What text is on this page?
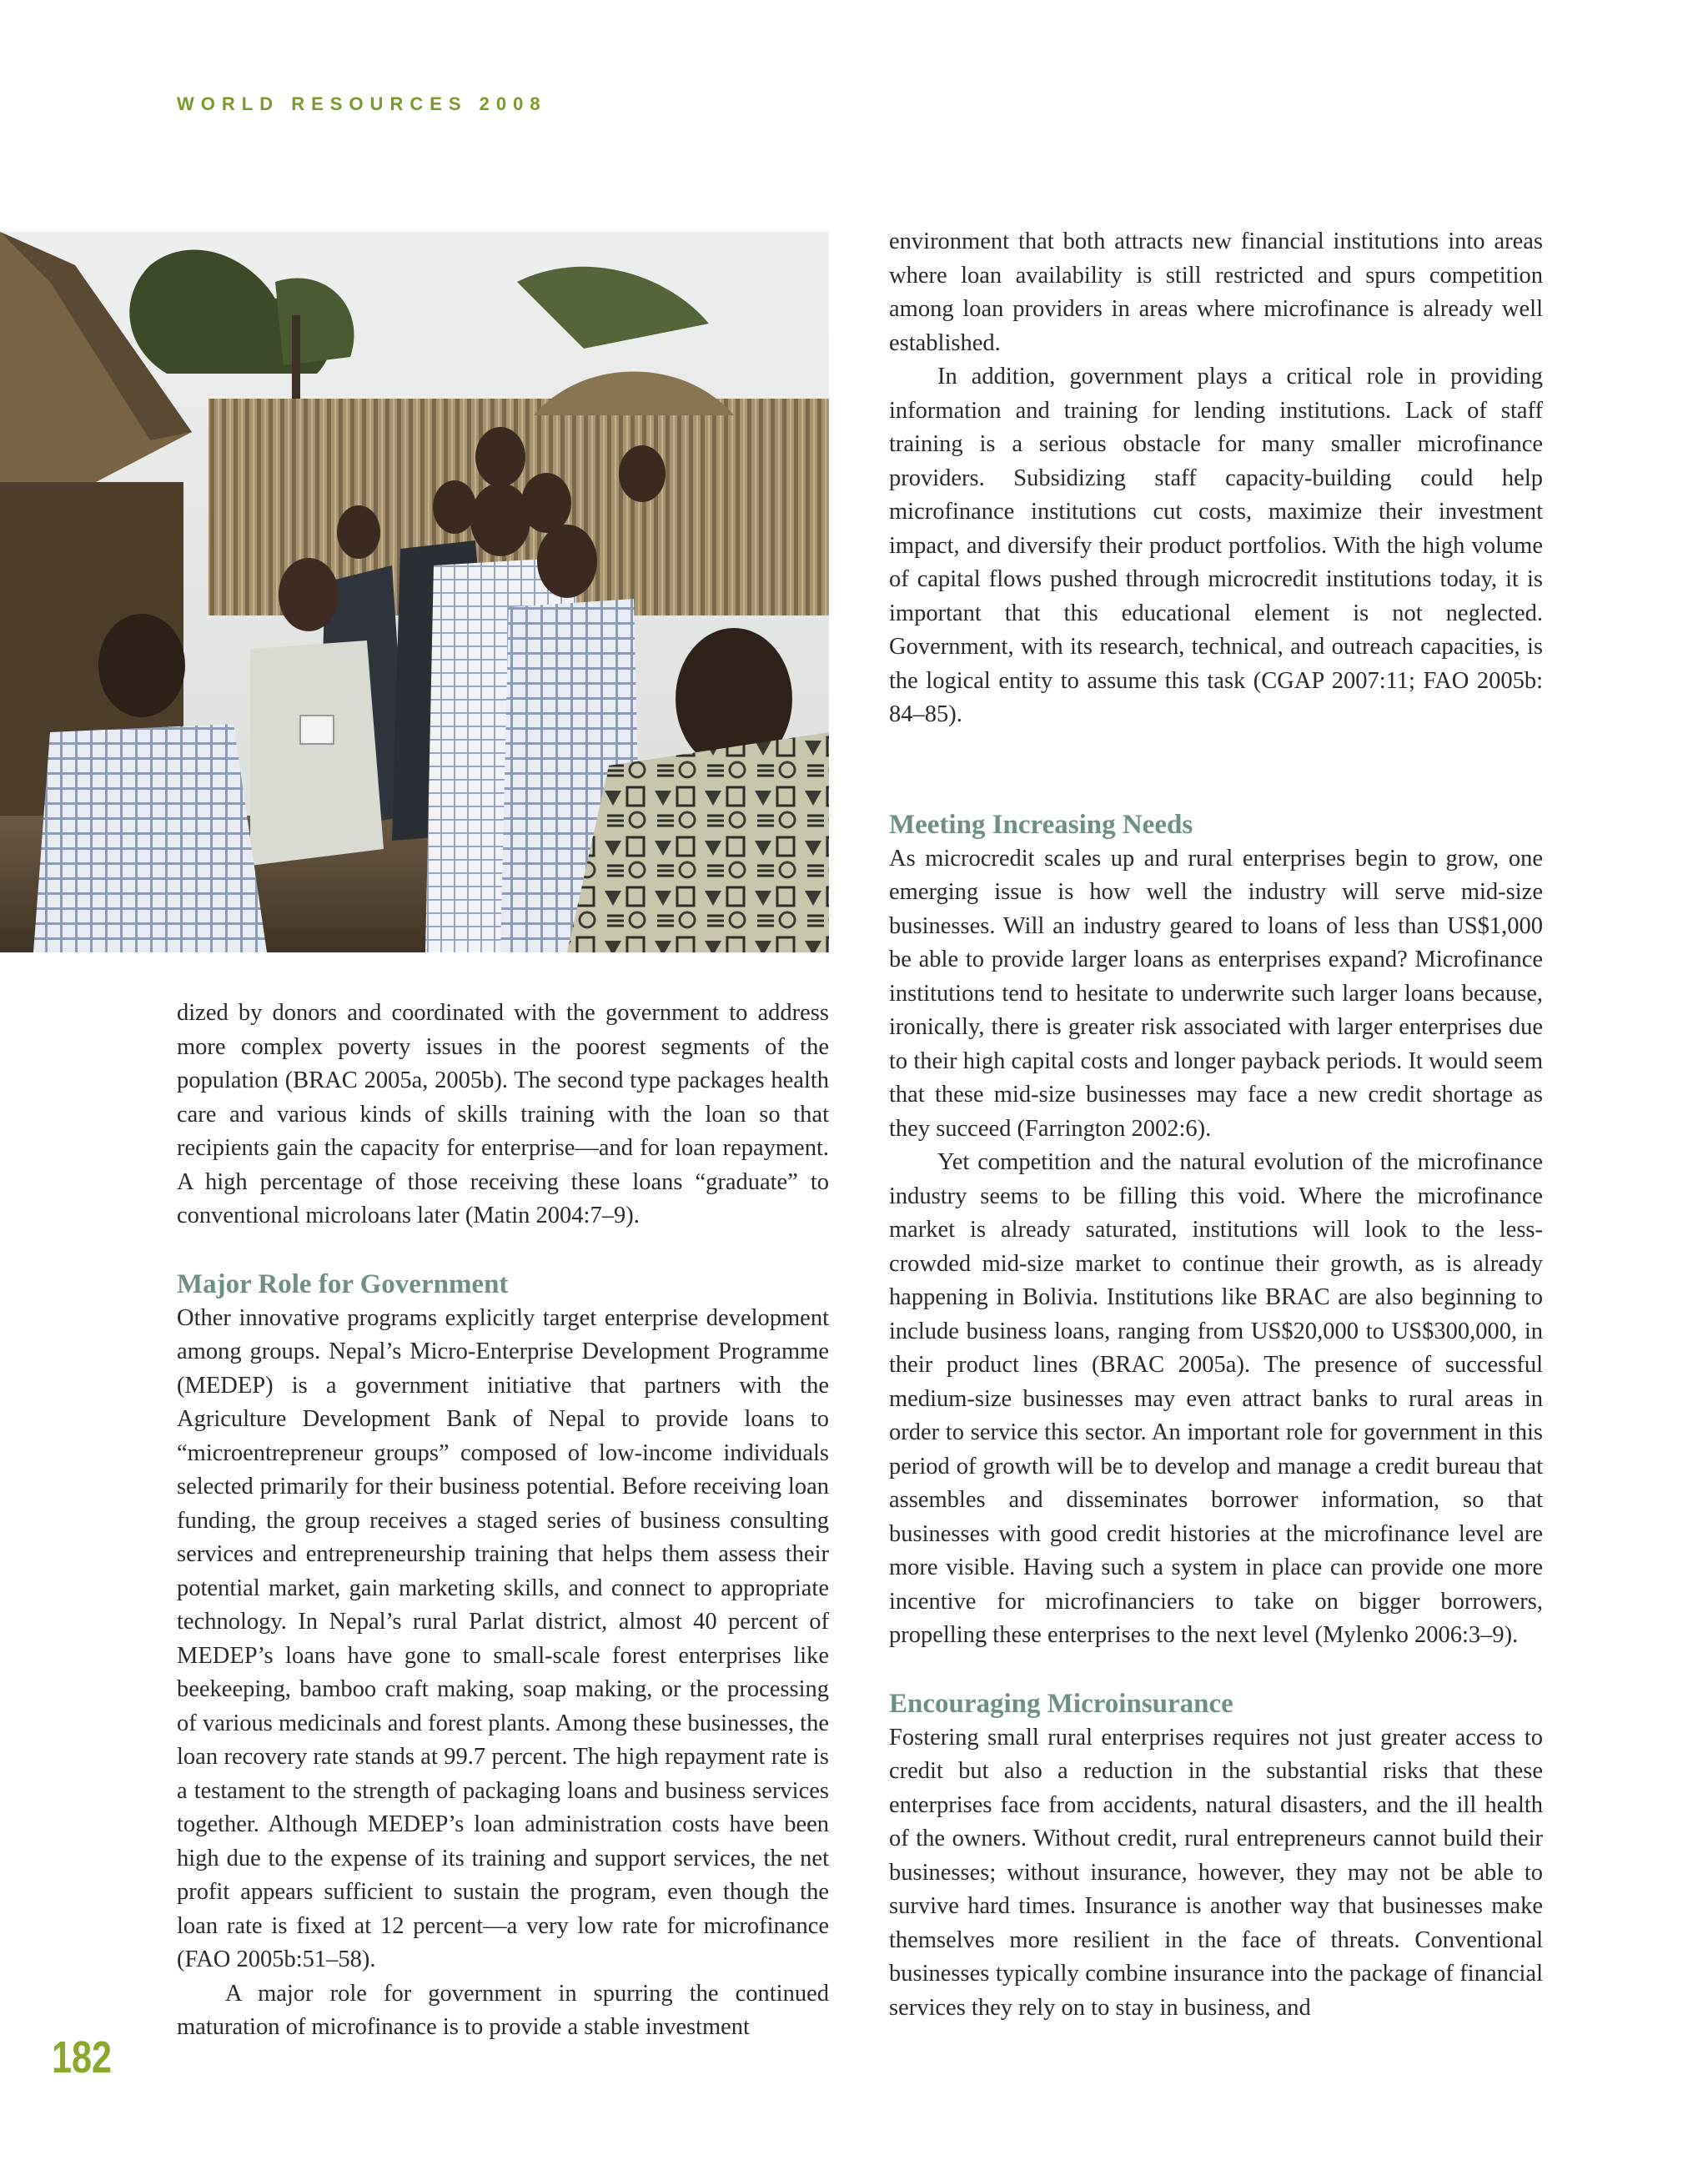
WORLD RESOURCES 2008

dized by donors and coordinated with the government to address more complex poverty issues in the poorest segments of the population (BRAC 2005a, 2005b). The second type packages health care and various kinds of skills training with the loan so that recipients gain the capacity for enterprise—and for loan repayment. A high percentage of those receiving these loans “graduate” to conventional microloans later (Matin 2004:7–9).

Major Role for Government

Other innovative programs explicitly target enterprise development among groups. Nepal’s Micro-Enterprise Development Programme (MEDEP) is a government initiative that partners with the Agriculture Development Bank of Nepal to provide loans to “microentrepreneur groups” composed of low-income individuals selected primarily for their business potential. Before receiving loan funding, the group receives a staged series of business consulting services and entrepreneurship training that helps them assess their potential market, gain marketing skills, and connect to appropriate technology. In Nepal’s rural Parlat district, almost 40 percent of MEDEP’s loans have gone to small-scale forest enterprises like beekeeping, bamboo craft making, soap making, or the processing of various medicinals and forest plants. Among these businesses, the loan recovery rate stands at 99.7 percent. The high repayment rate is a testament to the strength of packaging loans and business services together. Although MEDEP’s loan administration costs have been high due to the expense of its training and support services, the net profit appears sufficient to sustain the program, even though the loan rate is fixed at 12 percent—a very low rate for microfinance (FAO 2005b:51–58).

A major role for government in spurring the continued maturation of microfinance is to provide a stable investment

environment that both attracts new financial institutions into areas where loan availability is still restricted and spurs competition among loan providers in areas where microfinance is already well established.

In addition, government plays a critical role in providing information and training for lending institutions. Lack of staff training is a serious obstacle for many smaller microfinance providers. Subsidizing staff capacity-building could help microfinance institutions cut costs, maximize their investment impact, and diversify their product portfolios. With the high volume of capital flows pushed through microcredit institutions today, it is important that this educational element is not neglected. Government, with its research, technical, and outreach capacities, is the logical entity to assume this task (CGAP 2007:11; FAO 2005b: 84–85).

Meeting Increasing Needs

As microcredit scales up and rural enterprises begin to grow, one emerging issue is how well the industry will serve mid-size businesses. Will an industry geared to loans of less than US$1,000 be able to provide larger loans as enterprises expand? Microfinance institutions tend to hesitate to underwrite such larger loans because, ironically, there is greater risk associated with larger enterprises due to their high capital costs and longer payback periods. It would seem that these mid-size businesses may face a new credit shortage as they succeed (Farrington 2002:6).

Yet competition and the natural evolution of the microfinance industry seems to be filling this void. Where the microfinance market is already saturated, institutions will look to the less-crowded mid-size market to continue their growth, as is already happening in Bolivia. Institutions like BRAC are also beginning to include business loans, ranging from US$20,000 to US$300,000, in their product lines (BRAC 2005a). The presence of successful medium-size businesses may even attract banks to rural areas in order to service this sector. An important role for government in this period of growth will be to develop and manage a credit bureau that assembles and disseminates borrower information, so that businesses with good credit histories at the microfinance level are more visible. Having such a system in place can provide one more incentive for microfinanciers to take on bigger borrowers, propelling these enterprises to the next level (Mylenko 2006:3–9).

Encouraging Microinsurance

Fostering small rural enterprises requires not just greater access to credit but also a reduction in the substantial risks that these enterprises face from accidents, natural disasters, and the ill health of the owners. Without credit, rural entrepreneurs cannot build their businesses; without insurance, however, they may not be able to survive hard times. Insurance is another way that businesses make themselves more resilient in the face of threats. Conventional businesses typically combine insurance into the package of financial services they rely on to stay in business, and

182
